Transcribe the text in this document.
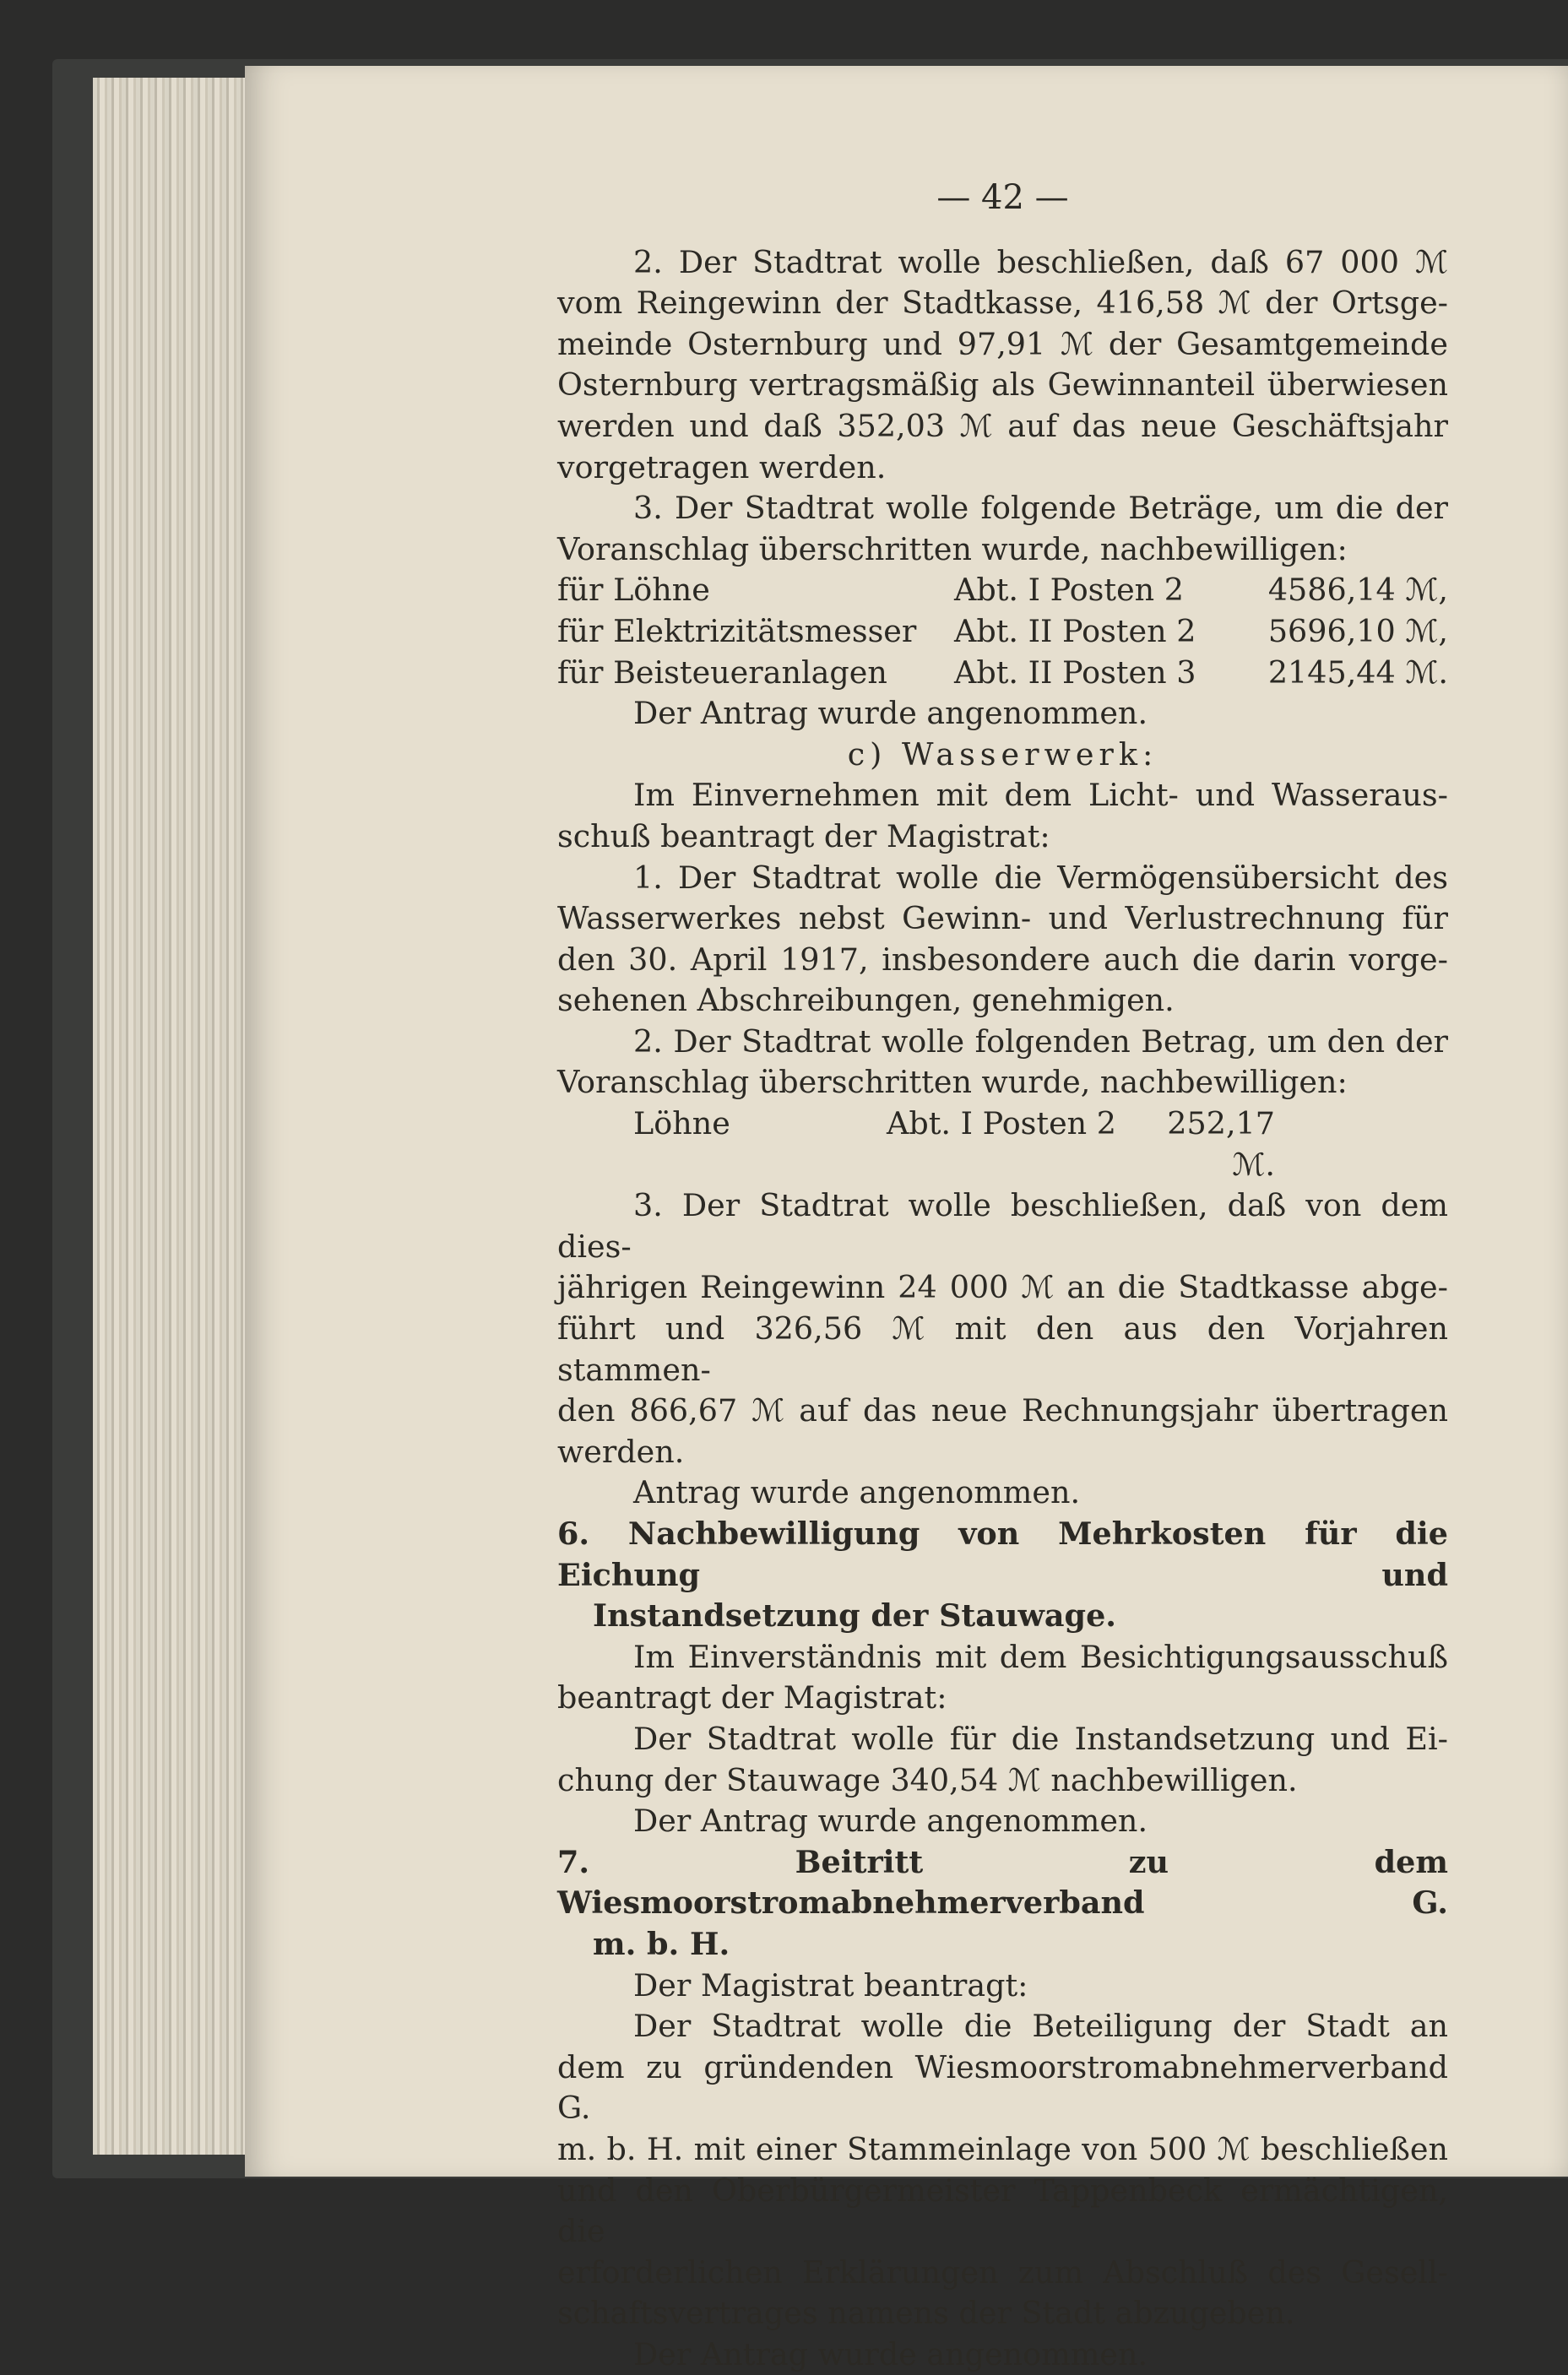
— 42 —

2. Der Stadtrat wolle beschließen, daß 67 000 ℳ

vom Reingewinn der Stadtkasse, 416,58 ℳ der Ortsge-

meinde Osternburg und 97,91 ℳ der Gesamtgemeinde

Osternburg vertragsmäßig als Gewinnanteil überwiesen

werden und daß 352,03 ℳ auf das neue Geschäftsjahr

vorgetragen werden.

3. Der Stadtrat wolle folgende Beträge, um die der

Voranschlag überschritten wurde, nachbewilligen:

für Löhne	Abt. I Posten 2	4586,14 ℳ,
für Elektrizitätsmesser	Abt. II Posten 2	5696,10 ℳ,
für Beisteueranlagen	Abt. II Posten 3	2145,44 ℳ.

Der Antrag wurde angenommen.

c) Wasserwerk:

Im Einvernehmen mit dem Licht- und Wasseraus-

schuß beantragt der Magistrat:

1. Der Stadtrat wolle die Vermögensübersicht des

Wasserwerkes nebst Gewinn- und Verlustrechnung für

den 30. April 1917, insbesondere auch die darin vorge-

sehenen Abschreibungen, genehmigen.

2. Der Stadtrat wolle folgenden Betrag, um den der

Voranschlag überschritten wurde, nachbewilligen:

Löhne	Abt. I Posten 2	252,17 ℳ.

3. Der Stadtrat wolle beschließen, daß von dem dies-

jährigen Reingewinn 24 000 ℳ an die Stadtkasse abge-

führt und 326,56 ℳ mit den aus den Vorjahren stammen-

den 866,67 ℳ auf das neue Rechnungsjahr übertragen

werden.

Antrag wurde angenommen.

6. Nachbewilligung von Mehrkosten für die Eichung und

Instandsetzung der Stauwage.

Im Einverständnis mit dem Besichtigungsausschuß

beantragt der Magistrat:

Der Stadtrat wolle für die Instandsetzung und Ei-

chung der Stauwage 340,54 ℳ nachbewilligen.

Der Antrag wurde angenommen.

7. Beitritt zu dem Wiesmoorstromabnehmerverband G.

m. b. H.

Der Magistrat beantragt:

Der Stadtrat wolle die Beteiligung der Stadt an

dem zu gründenden Wiesmoorstromabnehmerverband G.

m. b. H. mit einer Stammeinlage von 500 ℳ beschließen

und den Oberbürgermeister Tappenbeck ermächtigen, die

erforderlichen Erklärungen zum Abschluß des Gesell-

schaftsvertrages namens der Stadt abzugeben.

Der Antrag wurde angenommen.
